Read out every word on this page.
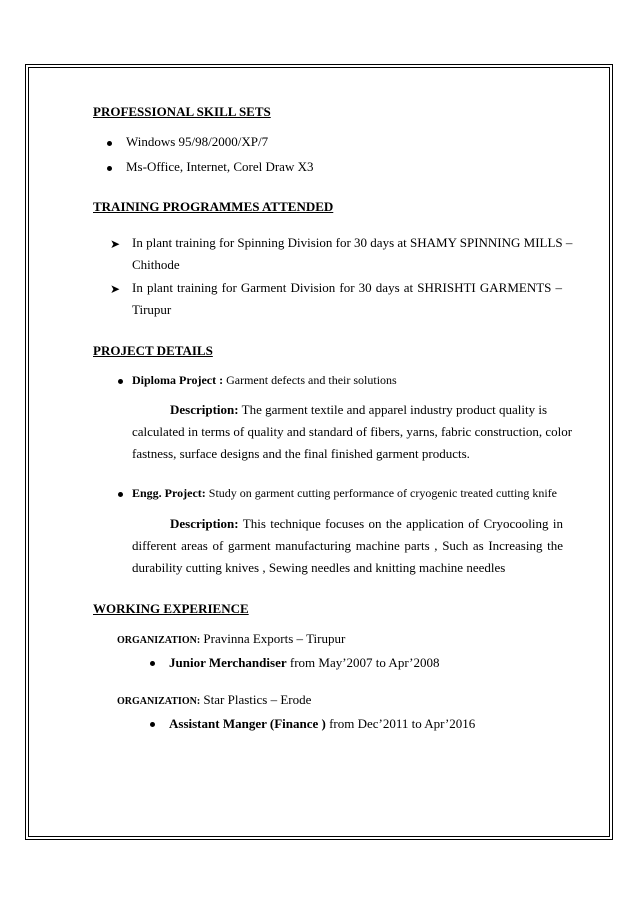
PROFESSIONAL SKILL SETS
Windows 95/98/2000/XP/7
Ms-Office, Internet, Corel Draw X3
TRAINING PROGRAMMES ATTENDED
➤ In plant training for Spinning Division for 30 days at SHAMY SPINNING MILLS –
Chithode
➤ In plant training for Garment Division for 30 days at SHRISHTI GARMENTS –
Tirupur
PROJECT DETAILS
Diploma Project : Garment defects and their solutions
Description: The garment textile and apparel industry product quality is
calculated in terms of quality and standard of fibers, yarns, fabric construction, color
fastness, surface designs and the final finished garment products.
Engg. Project: Study on garment cutting performance of cryogenic treated cutting knife
Description: This technique focuses on the application of Cryocooling in
different areas of garment manufacturing machine parts , Such as Increasing the
durability cutting knives , Sewing needles and knitting machine needles
WORKING EXPERIENCE
ORGANIZATION: Pravinna Exports – Tirupur
Junior Merchandiser from May’2007 to Apr’2008
ORGANIZATION: Star Plastics – Erode
Assistant Manger (Finance ) from Dec’2011 to Apr’2016
